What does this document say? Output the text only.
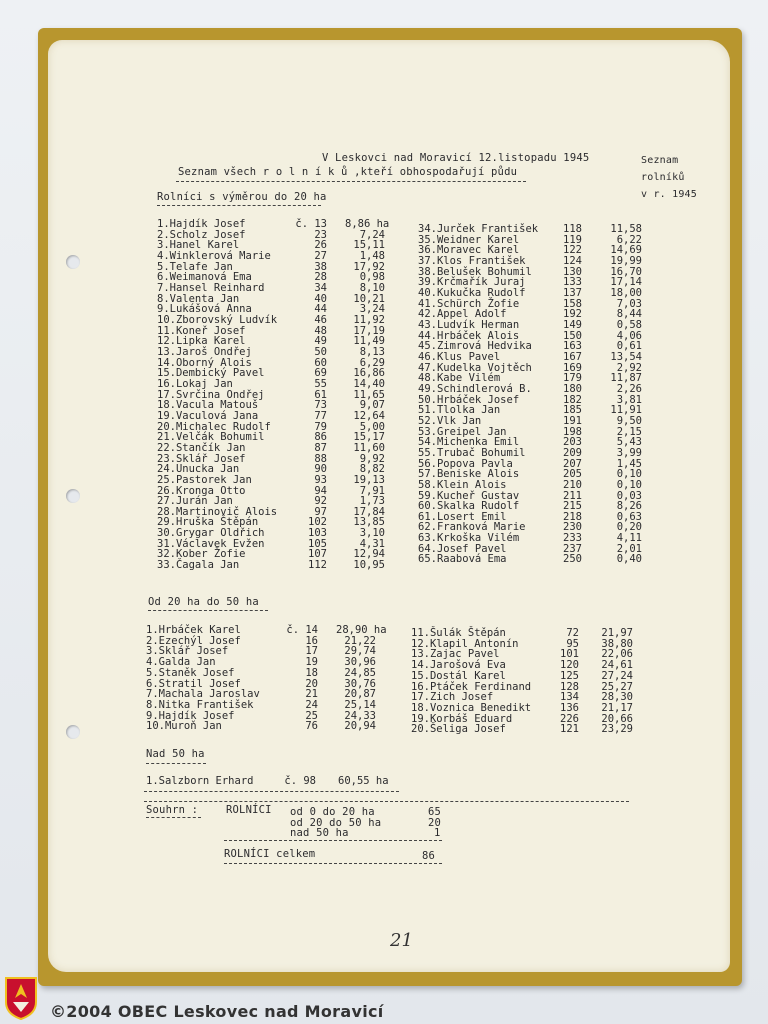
V Leskovci nad Moravicí 12.listopadu 1945
Seznam všech r o l n í k ů ,kteří obhospodařují půdu
Seznam
rolníků
v r. 1945
Rolníci s výměrou do 20 ha
1.Hajdík Josef	č. 13 8,86 ha
2.Scholz Josef	23	7,24
3.Hanel Karel	26	15,11
4.Winklerová Marie	27	1,48
5.Telafe Jan	38	17,92
6.Weimanová Ema	28	0,98
7.Hansel Reinhard	34	8,10
8.Valenta Jan	40	10,21
9.Lukášová Anna	44	3,24
10.Zborovský Ludvík	46	11,92
11.Koneř Josef	48	17,19
12.Lipka Karel	49	11,49
13.Jaroš Ondřej	50	8,13
14.Oborný Alois	60	6,29
15.Dembický Pavel	69	16,86
16.Lokaj Jan	55	14,40
17.Svrčina Ondřej	61	11,65
18.Vacula Matouš	73	9,07
19.Vaculová Jana	77	12,64
20.Michalec Rudolf	79	5,00
21.Velčák Bohumil	86	15,17
22.Stančík Jan	87	11,60
23.Sklář Josef	88	9,92
24.Unucka Jan	90	8,82
25.Pastorek Jan	93	19,13
26.Kronga Otto	94	7,91
27.Jurán Jan	92	1,73
28.Martinovič Alois	97	17,84
29.Hruška Štěpán	102	13,85
30.Grygar Oldřich	103	3,10
31.Václavek Evžen	105	4,31
32.Kober Žofie	107	12,94
33.Čagala Jan	112	10,95
34.Jurček František	118	11,58
35.Weidner Karel	119	6,22
36.Moravec Karel	122	14,69
37.Klos František	124	19,99
38.Belušek Bohumil	130	16,70
39.Krčmařík Juraj	133	17,14
40.Kukučka Rudolf	137	18,00
41.Schürch Žofie	158	7,03
42.Appel Adolf	192	8,44
43.Ludvík Herman	149	0,58
44.Hrbáček Alois	150	4,06
45.Zimrová Hedvika	163	0,61
46.Klus Pavel	167	13,54
47.Kudelka Vojtěch	169	2,92
48.Kabe Vilém	179	11,87
49.Schindlerová B.	180	2,26
50.Hrbáček Josef	182	3,81
51.Tlolka Jan	185	11,91
52.Vlk Jan	191	9,50
53.Greipel Jan	198	2,15
54.Michenka Emil	203	5,43
55.Trubač Bohumil	209	3,99
56.Popova Pavla	207	1,45
57.Beniske Alois	205	0,10
58.Klein Alois	210	0,10
59.Kucheř Gustav	211	0,03
60.Skalka Rudolf	215	8,26
61.Losert Emil	218	0,63
62.Franková Marie	230	0,20
63.Krkoška Vilém	233	4,11
64.Josef Pavel	237	2,01
65.Raabová Ema	250	0,40
Od 20 ha do 50 ha
1.Hrbáček Karel	č. 14 28,90 ha
2.Ezechýl Josef	16	21,22
3.Sklář Josef	17	29,74
4.Galda Jan	19	30,96
5.Staněk Josef	18	24,85
6.Stratil Josef	20	30,76
7.Machala Jaroslav	21	20,87
8.Nitka František	24	25,14
9.Hajdík Josef	25	24,33
10.Muroň Jan	76	20,94
11.Šulák Štěpán	72	21,97
12.Klapil Antonín	95	38,80
13.Zajac Pavel	101	22,06
14.Jarošová Eva	120	24,61
15.Dostál Karel	125	27,24
16.Ptáček Ferdinand	128	25,27
17.Zich Josef	134	28,30
18.Voznica Benedikt	136	21,17
19.Korbáš Eduard	226	20,66
20.Šeliga Josef	121	23,29
Nad 50 ha
1.Salzborn Erhard	č. 98	60,55 ha
Souhrn :	ROLNÍCI od 0 do 20 ha	65
od 20 do 50 ha	20
nad 50 ha	1
ROLNÍCI celkem	86
21
©2004 OBEC Leskovec nad Moravicí
